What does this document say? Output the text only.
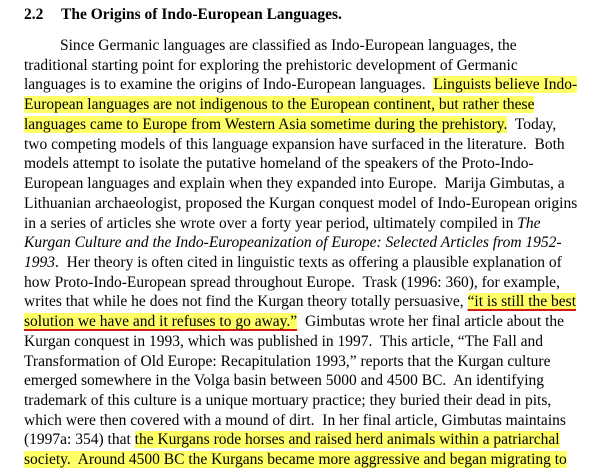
2.2 The Origins of Indo-European Languages.
Since Germanic languages are classified as Indo-European languages, the
traditional starting point for exploring the prehistoric development of Germanic
languages is to examine the origins of Indo-European languages.  Linguists believe Indo-
European languages are not indigenous to the European continent, but rather these
languages came to Europe from Western Asia sometime during the prehistory.  Today,
two competing models of this language expansion have surfaced in the literature.  Both
models attempt to isolate the putative homeland of the speakers of the Proto-Indo-
European languages and explain when they expanded into Europe.  Marija Gimbutas, a
Lithuanian archaeologist, proposed the Kurgan conquest model of Indo-European origins
in a series of articles she wrote over a forty year period, ultimately compiled in The
Kurgan Culture and the Indo-Europeanization of Europe: Selected Articles from 1952-
1993.  Her theory is often cited in linguistic texts as offering a plausible explanation of
how Proto-Indo-European spread throughout Europe.  Trask (1996: 360), for example,
writes that while he does not find the Kurgan theory totally persuasive, “it is still the best
solution we have and it refuses to go away.”  Gimbutas wrote her final article about the
Kurgan conquest in 1993, which was published in 1997.  This article, “The Fall and
Transformation of Old Europe: Recapitulation 1993,” reports that the Kurgan culture
emerged somewhere in the Volga basin between 5000 and 4500 BC.  An identifying
trademark of this culture is a unique mortuary practice; they buried their dead in pits,
which were then covered with a mound of dirt.  In her final article, Gimbutas maintains
(1997a: 354) that the Kurgans rode horses and raised herd animals within a patriarchal
society.  Around 4500 BC the Kurgans became more aggressive and began migrating to
